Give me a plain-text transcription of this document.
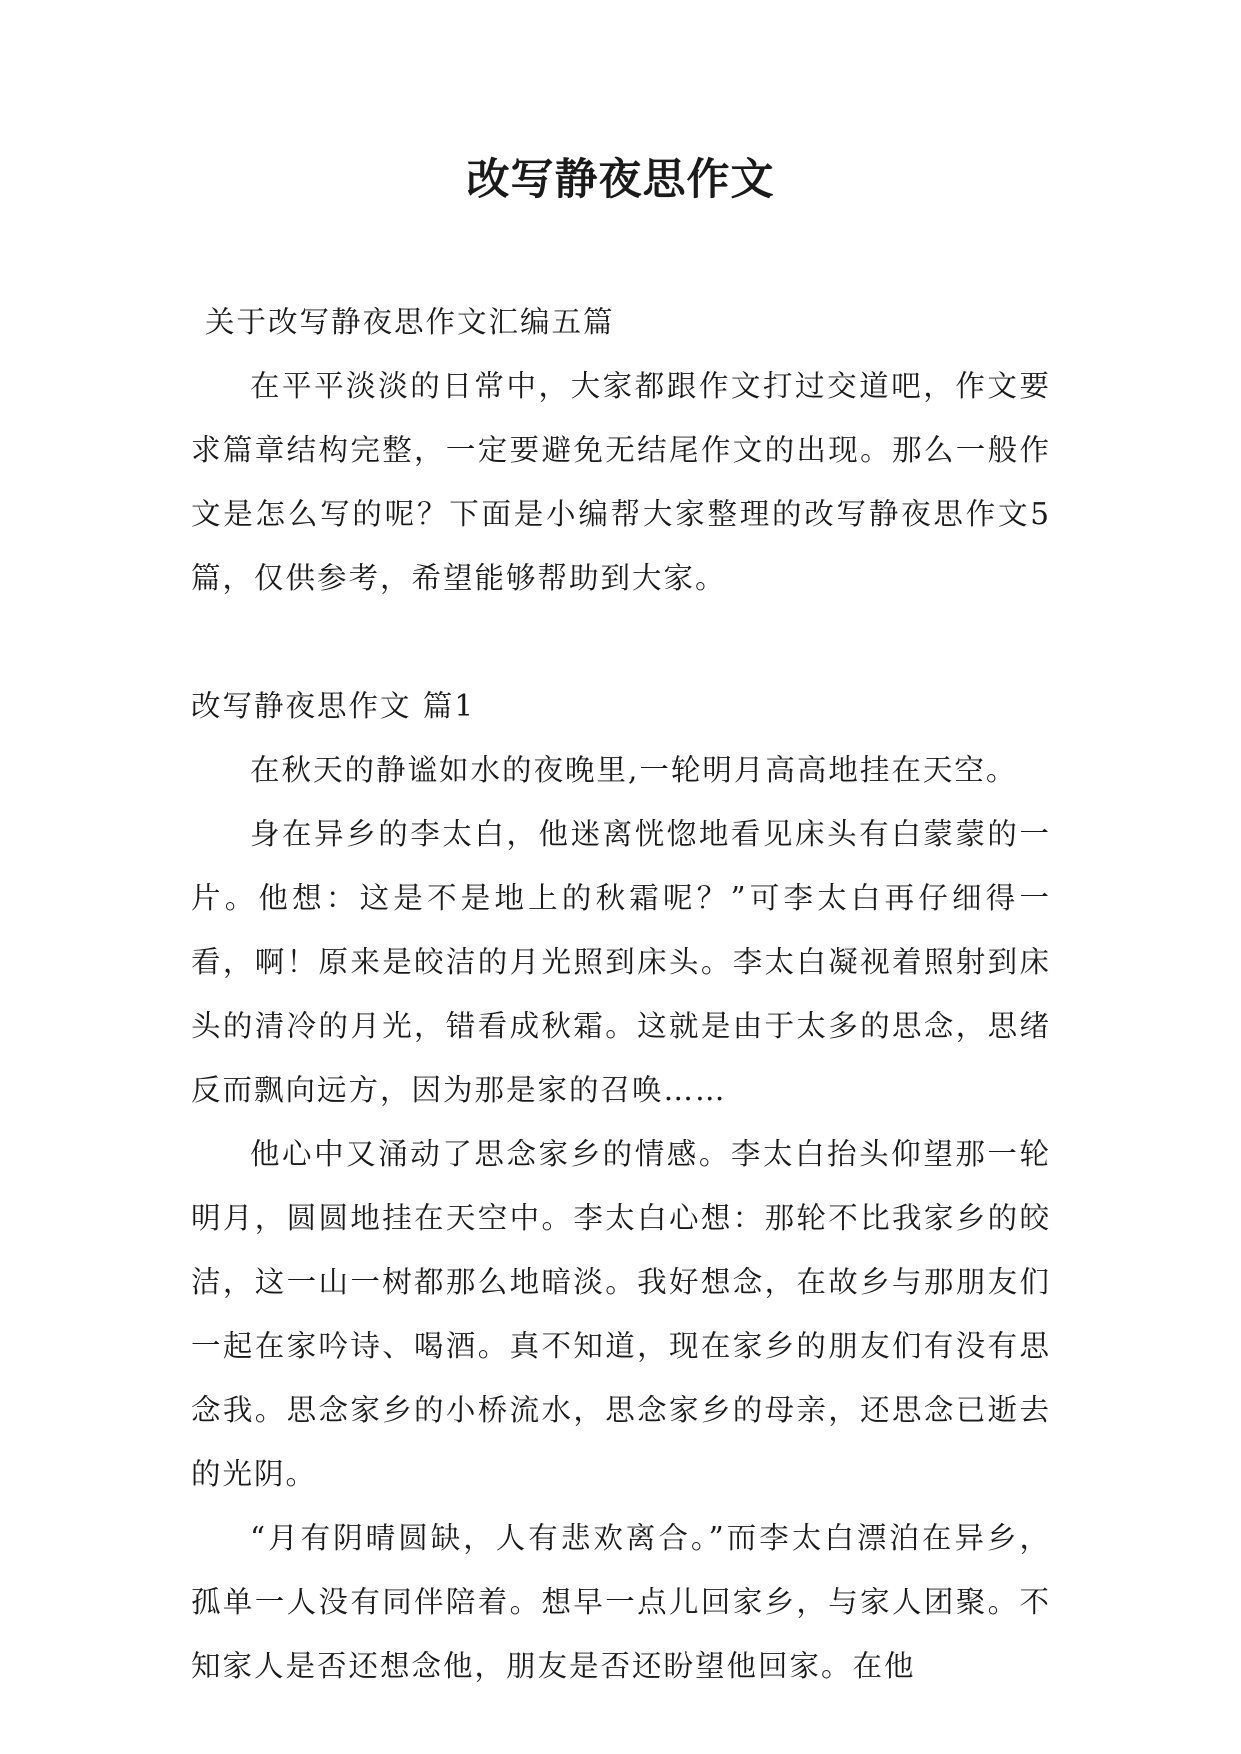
改写静夜思作文

关于改写静夜思作文汇编五篇

在平平淡淡的日常中，大家都跟作文打过交道吧，作文要求篇章结构完整，一定要避免无结尾作文的出现。那么一般作文是怎么写的呢？下面是小编帮大家整理的改写静夜思作文5篇，仅供参考，希望能够帮助到大家。

改写静夜思作文 篇1

在秋天的静谧如水的夜晚里,一轮明月高高地挂在天空。

身在异乡的李太白，他迷离恍惚地看见床头有白蒙蒙的一片。他想：这是不是地上的秋霜呢？”可李太白再仔细得一看，啊！原来是皎洁的月光照到床头。李太白凝视着照射到床头的清冷的月光，错看成秋霜。这就是由于太多的思念，思绪反而飘向远方，因为那是家的召唤……

他心中又涌动了思念家乡的情感。李太白抬头仰望那一轮明月，圆圆地挂在天空中。李太白心想：那轮不比我家乡的皎洁，这一山一树都那么地暗淡。我好想念，在故乡与那朋友们一起在家吟诗、喝酒。真不知道，现在家乡的朋友们有没有思念我。思念家乡的小桥流水，思念家乡的母亲，还思念已逝去的光阴。

“月有阴晴圆缺，人有悲欢离合。”而李太白漂泊在异乡，孤单一人没有同伴陪着。想早一点儿回家乡，与家人团聚。不知家人是否还想念他，朋友是否还盼望他回家。在他
